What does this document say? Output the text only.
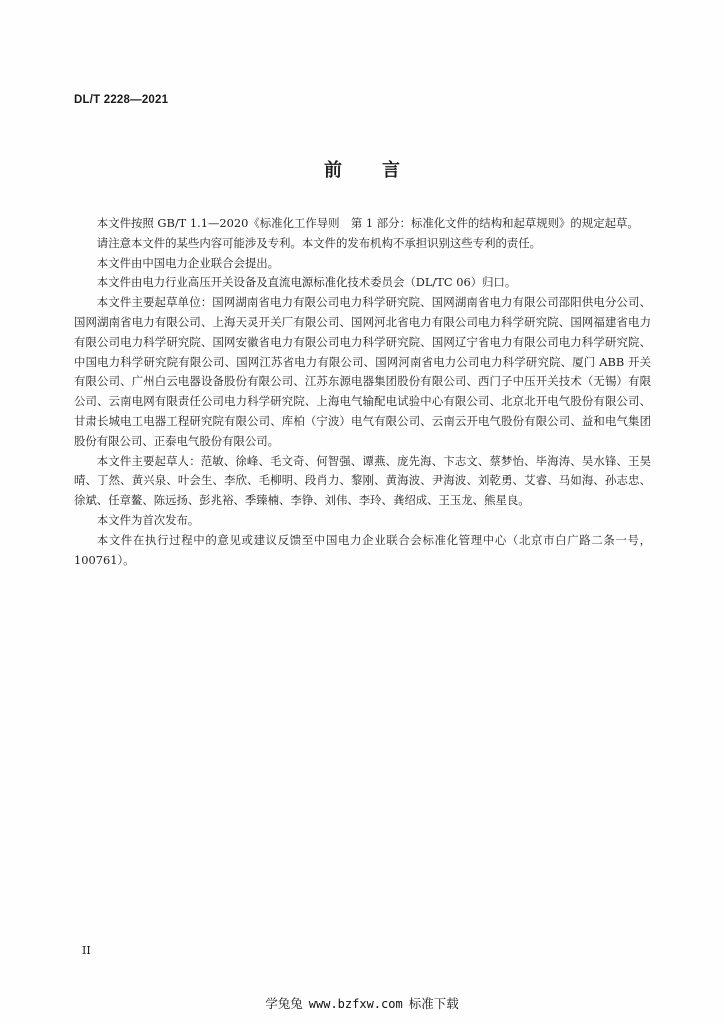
DL/T 2228—2021
前 言

本文件按照 GB/T 1.1—2020《标准化工作导则　第 1 部分：标准化文件的结构和起草规则》的规定起草。

请注意本文件的某些内容可能涉及专利。本文件的发布机构不承担识别这些专利的责任。

本文件由中国电力企业联合会提出。

本文件由电力行业高压开关设备及直流电源标准化技术委员会（DL/TC 06）归口。

本文件主要起草单位：国网湖南省电力有限公司电力科学研究院、国网湖南省电力有限公司邵阳供电分公司、国网湖南省电力有限公司、上海天灵开关厂有限公司、国网河北省电力有限公司电力科学研究院、国网福建省电力有限公司电力科学研究院、国网安徽省电力有限公司电力科学研究院、国网辽宁省电力有限公司电力科学研究院、中国电力科学研究院有限公司、国网江苏省电力有限公司、国网河南省电力公司电力科学研究院、厦门 ABB 开关有限公司、广州白云电器设备股份有限公司、江苏东源电器集团股份有限公司、西门子中压开关技术（无锡）有限公司、云南电网有限责任公司电力科学研究院、上海电气输配电试验中心有限公司、北京北开电气股份有限公司、甘肃长城电工电器工程研究院有限公司、库柏（宁波）电气有限公司、云南云开电气股份有限公司、益和电气集团股份有限公司、正泰电气股份有限公司。

本文件主要起草人：范敏、徐峰、毛文奇、何智强、谭燕、庞先海、卞志文、蔡梦怡、毕海涛、吴水锋、王昊晴、丁然、黄兴泉、叶会生、李欣、毛柳明、段肖力、黎刚、黄海波、尹海波、刘乾勇、艾睿、马如海、孙志忠、徐斌、任章鳌、陈远扬、彭兆裕、季臻楠、李铮、刘伟、李玲、龚绍成、王玉龙、熊星良。

本文件为首次发布。

本文件在执行过程中的意见或建议反馈至中国电力企业联合会标准化管理中心（北京市白广路二条一号，100761）。

II
学兔兔 www.bzfxw.com 标准下载
